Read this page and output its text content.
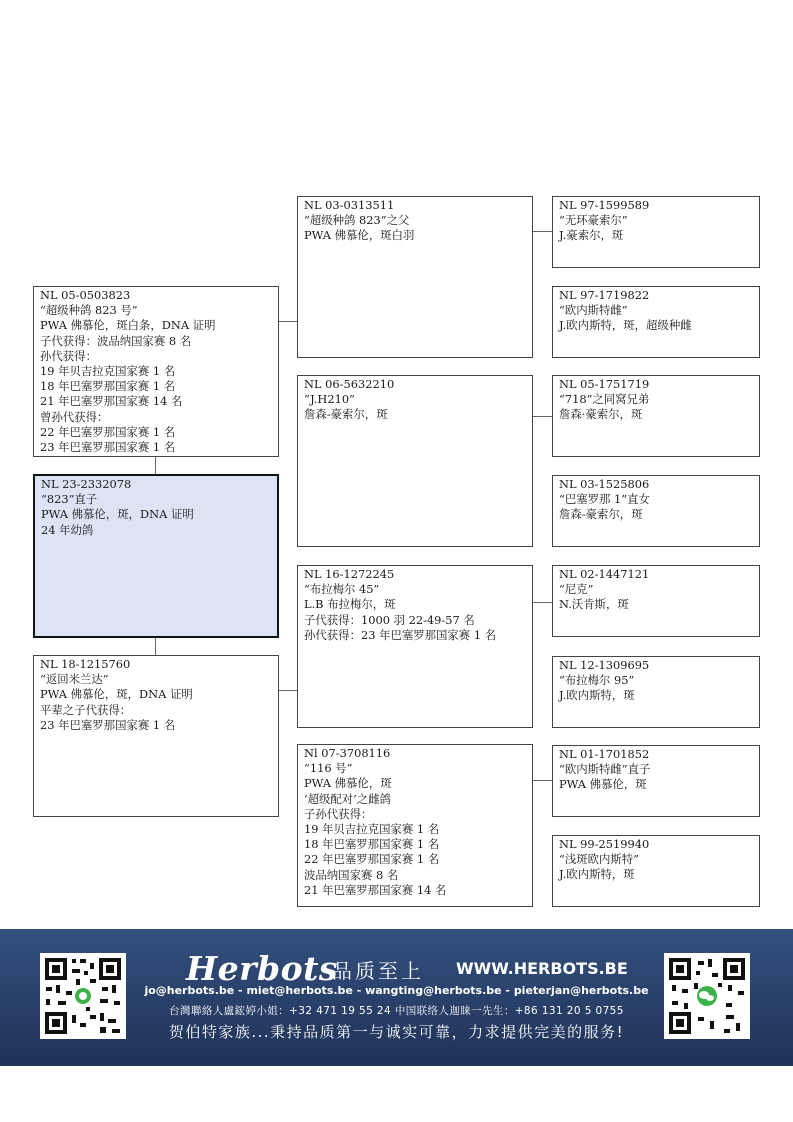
NL 05-0503823
“超级种鸽 823 号”
PWA 佛慕伦，斑白条，DNA 证明
子代获得：波品纳国家赛 8 名
孙代获得：
19 年贝吉拉克国家赛 1 名
18 年巴塞罗那国家赛 1 名
21 年巴塞罗那国家赛 14 名
曾孙代获得：
22 年巴塞罗那国家赛 1 名
23 年巴塞罗那国家赛 1 名
NL 23-2332078
“823”直子
PWA 佛慕伦，斑，DNA 证明
24 年幼鸽
NL 18-1215760
“返回米兰达”
PWA 佛慕伦，斑，DNA 证明
平辈之子代获得：
23 年巴塞罗那国家赛 1 名
NL 03-0313511
“超级种鸽 823”之父
PWA 佛慕伦，斑白羽
NL 06-5632210
“J.H210”
詹森-豪索尔，斑
NL 16-1272245
“布拉梅尔 45”
L.B 布拉梅尔，斑
子代获得：1000 羽 22-49-57 名
孙代获得：23 年巴塞罗那国家赛 1 名
Nl 07-3708116
“116 号”
PWA 佛慕伦，斑
‘超级配对’之雌鸽
子孙代获得：
19 年贝吉拉克国家赛 1 名
18 年巴塞罗那国家赛 1 名
22 年巴塞罗那国家赛 1 名
波品纳国家赛 8 名
21 年巴塞罗那国家赛 14 名
NL 97-1599589
“无环豪索尔”
J.豪索尔，斑
NL 97-1719822
“欧内斯特雌”
J.欧内斯特，斑，超级种雌
NL 05-1751719
“718”之同窝兄弟
詹森·豪索尔，斑
NL 03-1525806
“巴塞罗那 1”直女
詹森-豪索尔，斑
NL 02-1447121
“尼克”
N.沃肯斯，斑
NL 12-1309695
“布拉梅尔 95”
J.欧内斯特，斑
NL 01-1701852
“欧内斯特雌”直子
PWA 佛慕伦，斑
NL 99-2519940
“浅斑欧内斯特”
J.欧内斯特，斑
Herbots
品质至上 WWW.HERBOTS.BE
jo@herbots.be - miet@herbots.be - wangting@herbots.be - pieterjan@herbots.be
台灣聯絡人盧鋐婷小姐：+32 471 19 55 24 中国联络人迦睐一先生：+86 131 20 5 0755
贺伯特家族...秉持品质第一与诚实可靠，力求提供完美的服务!
